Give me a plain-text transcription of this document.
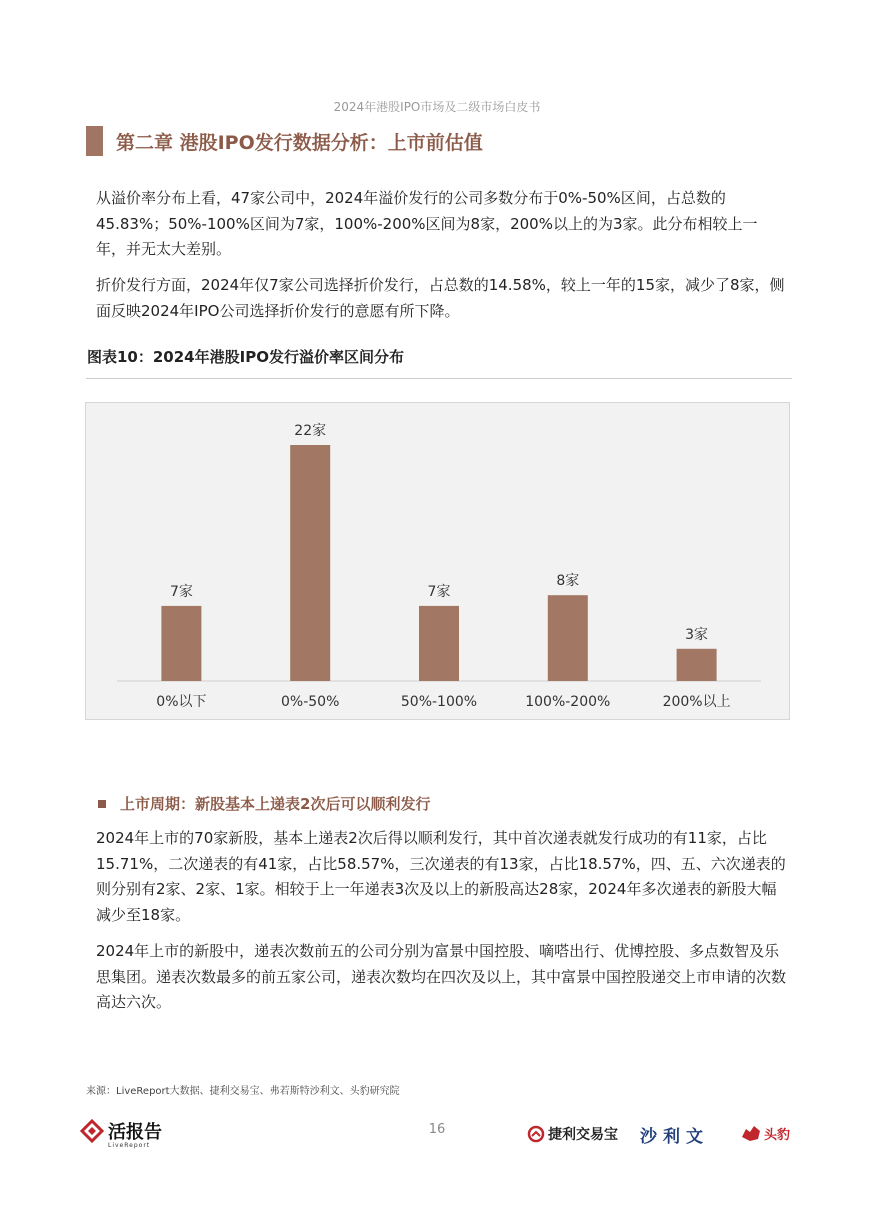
2024年港股IPO市场及二级市场白皮书
第二章 港股IPO发行数据分析：上市前估值

从溢价率分布上看，47家公司中，2024年溢价发行的公司多数分布于0%-50%区间，占总数的45.83%；50%-100%区间为7家，100%-200%区间为8家，200%以上的为3家。此分布相较上一年，并无太大差别。

折价发行方面，2024年仅7家公司选择折价发行，占总数的14.58%，较上一年的15家，减少了8家，侧面反映2024年IPO公司选择折价发行的意愿有所下降。

图表10：2024年港股IPO发行溢价率区间分布
7家
0%以下
22家
0%-50%
7家
50%-100%
8家
100%-200%
3家
200%以上
上市周期：新股基本上递表2次后可以顺利发行

2024年上市的70家新股，基本上递表2次后得以顺利发行，其中首次递表就发行成功的有11家，占比15.71%，二次递表的有41家，占比58.57%，三次递表的有13家，占比18.57%，四、五、六次递表的则分别有2家、2家、1家。相较于上一年递表3次及以上的新股高达28家，2024年多次递表的新股大幅减少至18家。

2024年上市的新股中，递表次数前五的公司分别为富景中国控股、嘀嗒出行、优博控股、多点数智及乐思集团。递表次数最多的前五家公司，递表次数均在四次及以上，其中富景中国控股递交上市申请的次数高达六次。

来源：LiveReport大数据、捷利交易宝、弗若斯特沙利文、头豹研究院
活报告
LiveReport
16	捷利交易宝 沙利文	头豹
